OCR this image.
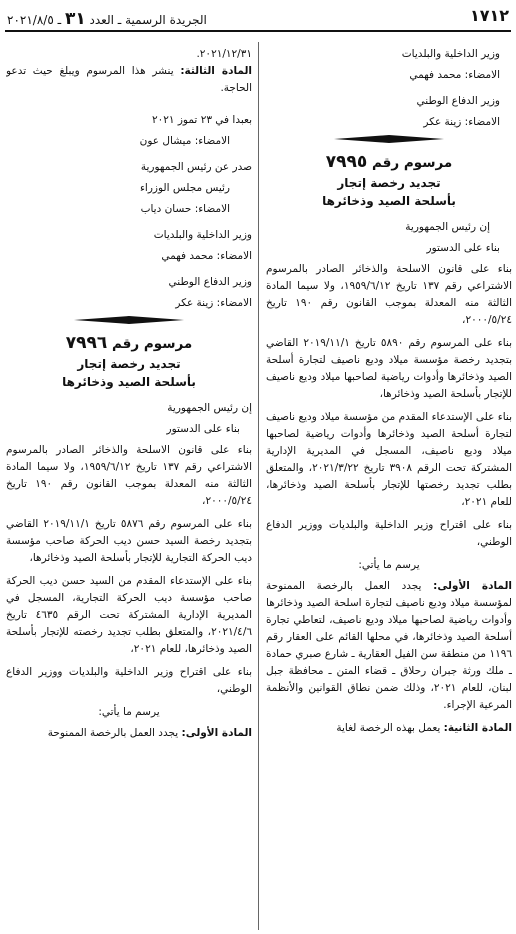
١٧١٢
الجريدة الرسمية ـ العدد ٣١ ـ ٢٠٢١/٨/٥

وزير الداخلية والبلديات

الامضاء: محمد فهمي

وزير الدفاع الوطني

الامضاء: زينة عكر

مرسوم رقم ٧٩٩٥
تجديد رخصة إتجار
بأسلحة الصيد وذخائرها

إن رئيس الجمهورية

بناء على الدستور

بناء على قانون الاسلحة والذخائر الصادر بالمرسوم الاشتراعي رقم ١٣٧ تاريخ ١٩٥٩/٦/١٢، ولا سيما المادة الثالثة منه المعدلة بموجب القانون رقم ١٩٠ تاريخ ٢٠٠٠/٥/٢٤،

بناء على المرسوم رقم ٥٨٩٠ تاريخ ٢٠١٩/١١/١ القاضي بتجديد رخصة مؤسسة ميلاد وديع ناصيف لتجارة أسلحة الصيد وذخائرها وأدوات رياضية لصاحبها ميلاد وديع ناصيف للإتجار بأسلحة الصيد وذخائرها،

بناء على الإستدعاء المقدم من مؤسسة ميلاد وديع ناصيف لتجارة أسلحة الصيد وذخائرها وأدوات رياضية لصاحبها ميلاد وديع ناصيف، المسجل في المديرية الإدارية المشتركة تحت الرقم ٣٩٠٨ تاريخ ٢٠٢١/٣/٢٢، والمتعلق بطلب تجديد رخصتها للإتجار بأسلحة الصيد وذخائرها، للعام ٢٠٢١،

بناء على اقتراح وزير الداخلية والبلديات ووزير الدفاع الوطني،

يرسم ما يأتي:

المادة الأولى: يجدد العمل بالرخصة الممنوحة لمؤسسة ميلاد وديع ناصيف لتجارة اسلحة الصيد وذخائرها وأدوات رياضية لصاحبها ميلاد وديع ناصيف، لتعاطي تجارة أسلحة الصيد وذخائرها، في محلها القائم على العقار رقم ١١٩٦ من منطقة سن الفيل العقارية ـ شارع صبري حمادة ـ ملك ورثة جبران رحلاق ـ قضاء المتن ـ محافظة جبل لبنان، للعام ٢٠٢١، وذلك ضمن نطاق القوانين والأنظمة المرعية الإجراء.

المادة الثانية: يعمل بهذه الرخصة لغاية

٢٠٢١/١٢/٣١.

المادة الثالثة: ينشر هذا المرسوم ويبلغ حيث تدعو الحاجة.

بعبدا في ٢٣ تموز ٢٠٢١

الامضاء: ميشال عون

صدر عن رئيس الجمهورية

رئيس مجلس الوزراء

الامضاء: حسان دياب

وزير الداخلية والبلديات

الامضاء: محمد فهمي

وزير الدفاع الوطني

الامضاء: زينة عكر

مرسوم رقم ٧٩٩٦
تجديد رخصة إتجار
بأسلحة الصيد وذخائرها

إن رئيس الجمهورية

بناء على الدستور

بناء على قانون الاسلحة والذخائر الصادر بالمرسوم الاشتراعي رقم ١٣٧ تاريخ ١٩٥٩/٦/١٢، ولا سيما المادة الثالثة منه المعدلة بموجب القانون رقم ١٩٠ تاريخ ٢٠٠٠/٥/٢٤،

بناء على المرسوم رقم ٥٨٧٦ تاريخ ٢٠١٩/١١/١ القاضي بتجديد رخصة السيد حسن ديب الحركة صاحب مؤسسة ديب الحركة التجارية للإتجار بأسلحة الصيد وذخائرها،

بناء على الإستدعاء المقدم من السيد حسن ديب الحركة صاحب مؤسسة ديب الحركة التجارية، المسجل في المديرية الإدارية المشتركة تحت الرقم ٤٦٣٥ تاريخ ٢٠٢١/٤/٦، والمتعلق بطلب تجديد رخصته للإتجار بأسلحة الصيد وذخائرها، للعام ٢٠٢١،

بناء على اقتراح وزير الداخلية والبلديات ووزير الدفاع الوطني،

يرسم ما يأتي:

المادة الأولى: يجدد العمل بالرخصة الممنوحة
